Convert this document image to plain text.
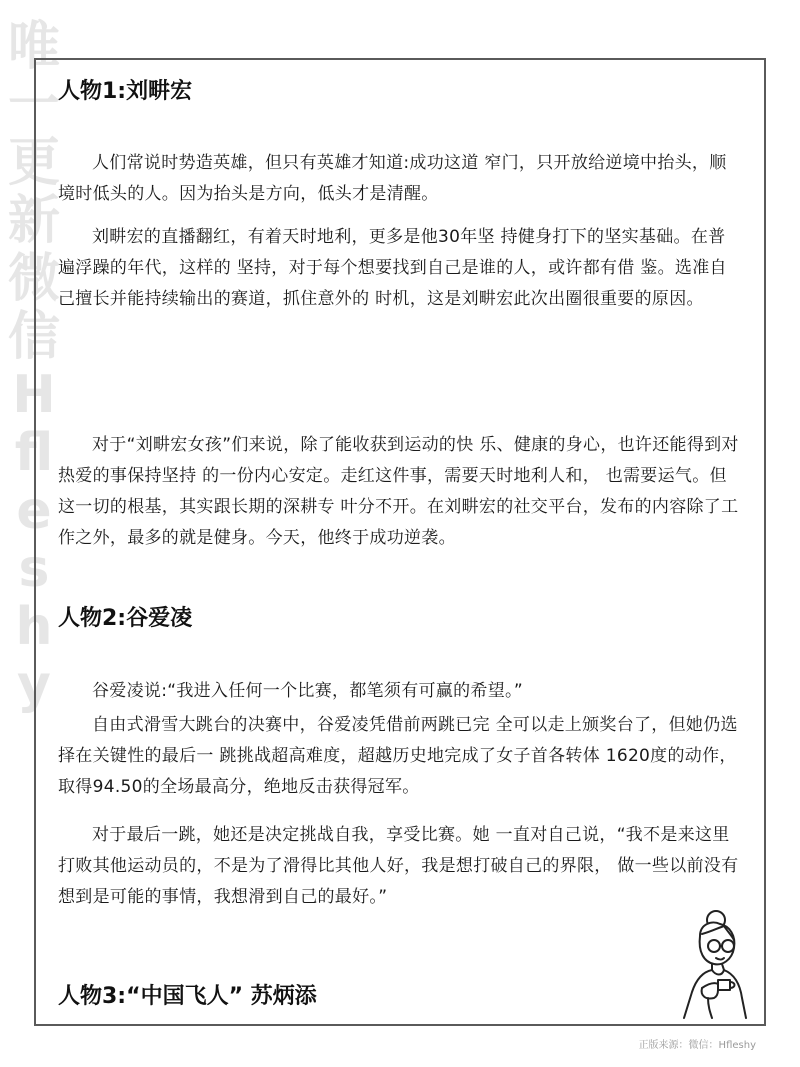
唯一更新微信Hfleshy
人物1:刘畊宏

人们常说时势造英雄，但只有英雄才知道:成功这道 窄门，只开放给逆境中抬头，顺境时低头的人。因为抬头是方向，低头才是清醒。

刘畊宏的直播翻红，有着天时地利，更多是他30年坚 持健身打下的坚实基础。在普遍浮躁的年代，这样的 坚持，对于每个想要找到自己是谁的人，或许都有借 鉴。选准自己擅长并能持续输出的赛道，抓住意外的 时机，这是刘畊宏此次出圈很重要的原因。

对于“刘畊宏女孩”们来说，除了能收获到运动的快 乐、健康的身心，也许还能得到对热爱的事保持坚持 的一份内心安定。走红这件事，需要天时地利人和， 也需要运气。但这一切的根基，其实跟长期的深耕专 叶分不开。在刘畊宏的社交平台，发布的内容除了工 作之外，最多的就是健身。今天，他终于成功逆袭。

人物2:谷爱凌

谷爱凌说:“我进入任何一个比赛，都笔须有可赢的希望。”

自由式滑雪大跳台的决赛中，谷爱凌凭借前两跳已完 全可以走上颁奖台了，但她仍选择在关键性的最后一 跳挑战超高难度，超越历史地完成了女子首各转体 1620度的动作，取得94.50的全场最高分，绝地反击获得冠军。

对于最后一跳，她还是决定挑战自我，享受比赛。她 一直对自己说，“我不是来这里打败其他运动员的，不是为了滑得比其他人好，我是想打破自己的界限， 做一些以前没有想到是可能的事情，我想滑到自己的最好。”

人物3:“中国飞人” 苏炳添
正版来源：微信：Hfleshy
